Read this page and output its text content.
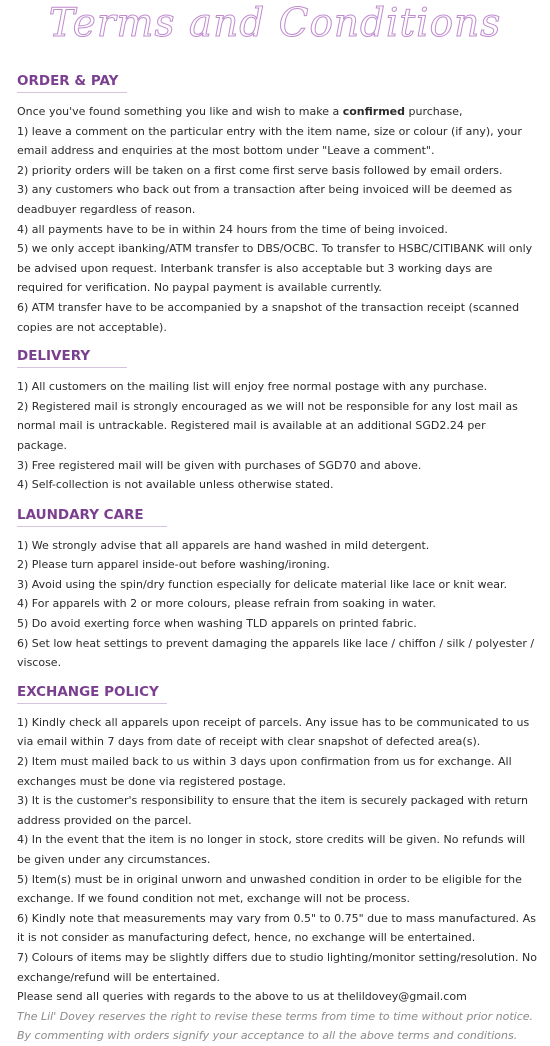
Terms and Conditions
ORDER & PAY

Once you've found something you like and wish to make a confirmed purchase,

1) leave a comment on the particular entry with the item name, size or colour (if any), your email address and enquiries at the most bottom under "Leave a comment".

2) priority orders will be taken on a first come first serve basis followed by email orders.

3) any customers who back out from a transaction after being invoiced will be deemed as deadbuyer regardless of reason.

4) all payments have to be in within 24 hours from the time of being invoiced.

5) we only accept ibanking/ATM transfer to DBS/OCBC. To transfer to HSBC/CITIBANK will only be advised upon request. Interbank transfer is also acceptable but 3 working days are required for verification. No paypal payment is available currently.

6) ATM transfer have to be accompanied by a snapshot of the transaction receipt (scanned copies are not acceptable).

DELIVERY

1) All customers on the mailing list will enjoy free normal postage with any purchase.

2) Registered mail is strongly encouraged as we will not be responsible for any lost mail as normal mail is untrackable. Registered mail is available at an additional SGD2.24 per package.

3) Free registered mail will be given with purchases of SGD70 and above.

4) Self-collection is not available unless otherwise stated.

LAUNDARY CARE

1) We strongly advise that all apparels are hand washed in mild detergent.

2) Please turn apparel inside-out before washing/ironing.

3) Avoid using the spin/dry function especially for delicate material like lace or knit wear.

4) For apparels with 2 or more colours, please refrain from soaking in water.

5) Do avoid exerting force when washing TLD apparels on printed fabric.

6) Set low heat settings to prevent damaging the apparels like lace / chiffon / silk / polyester / viscose.

EXCHANGE POLICY

1) Kindly check all apparels upon receipt of parcels. Any issue has to be communicated to us via email within 7 days from date of receipt with clear snapshot of defected area(s).

2) Item must mailed back to us within 3 days upon confirmation from us for exchange. All exchanges must be done via registered postage.

3) It is the customer's responsibility to ensure that the item is securely packaged with return address provided on the parcel.

4) In the event that the item is no longer in stock, store credits will be given. No refunds will be given under any circumstances.

5) Item(s) must be in original unworn and unwashed condition in order to be eligible for the exchange. If we found condition not met, exchange will not be process.

6) Kindly note that measurements may vary from 0.5" to 0.75" due to mass manufactured. As it is not consider as manufacturing defect, hence, no exchange will be entertained.

7) Colours of items may be slightly differs due to studio lighting/monitor setting/resolution. No exchange/refund will be entertained.

Please send all queries with regards to the above to us at thelildovey@gmail.com

The Lil' Dovey reserves the right to revise these terms from time to time without prior notice.

By commenting with orders signify your acceptance to all the above terms and conditions.
